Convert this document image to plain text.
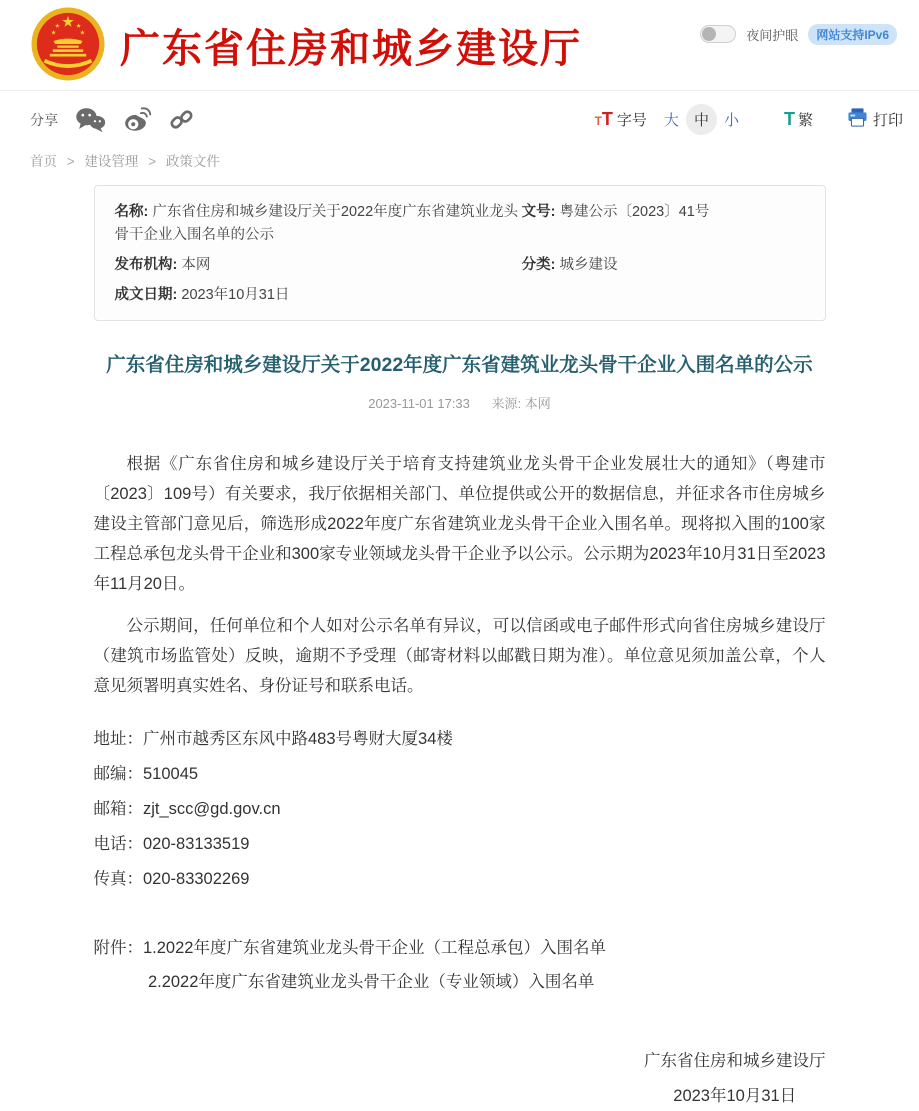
广东省住房和城乡建设厅	夜间护眼	网站支持IPv6
分享	TT 字号	大	中	小	T 繁	打印
首页 > 建设管理 > 政策文件
名称: 广东省住房和城乡建设厅关于2022年度广东省建筑业龙头骨干企业入围名单的公示
文号: 粤建公示〔2023〕41号
发布机构: 本网	分类: 城乡建设
成文日期: 2023年10月31日
广东省住房和城乡建设厅关于2022年度广东省建筑业龙头骨干企业入围名单的公示
2023-11-01 17:33 来源: 本网

根据《广东省住房和城乡建设厅关于培育支持建筑业龙头骨干企业发展壮大的通知》（粤建市〔2023〕109号）有关要求，我厅依据相关部门、单位提供或公开的数据信息，并征求各市住房城乡建设主管部门意见后，筛选形成2022年度广东省建筑业龙头骨干企业入围名单。现将拟入围的100家工程总承包龙头骨干企业和300家专业领域龙头骨干企业予以公示。公示期为2023年10月31日至2023年11月20日。

公示期间，任何单位和个人如对公示名单有异议，可以信函或电子邮件形式向省住房城乡建设厅（建筑市场监管处）反映，逾期不予受理（邮寄材料以邮戳日期为准）。单位意见须加盖公章，个人意见须署明真实姓名、身份证号和联系电话。

地址：广州市越秀区东风中路483号粤财大厦34楼
邮编：510045
邮箱：zjt_scc@gd.gov.cn
电话：020-83133519
传真：020-83302269
附件： 1.2022年度广东省建筑业龙头骨干企业（工程总承包）入围名单
2.2022年度广东省建筑业龙头骨干企业（专业领域）入围名单
广东省住房和城乡建设厅
2023年10月31日
